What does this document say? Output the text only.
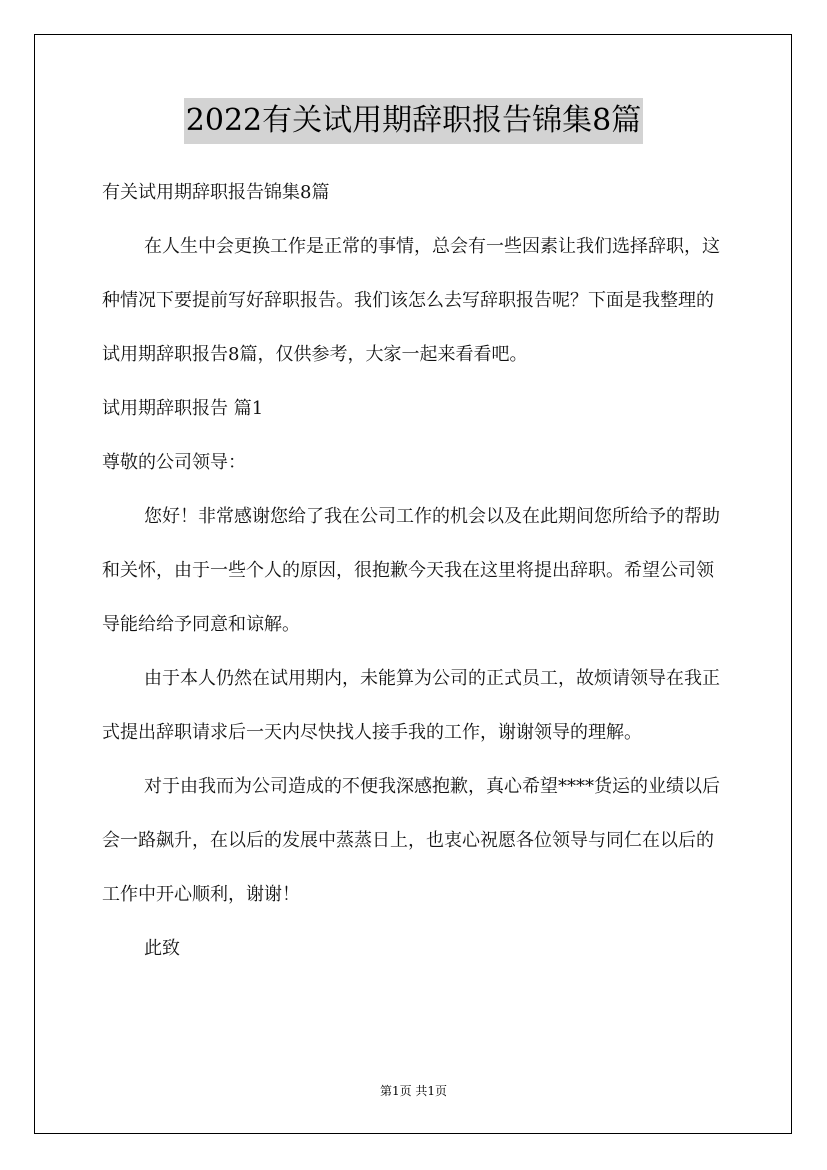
2022有关试用期辞职报告锦集8篇

有关试用期辞职报告锦集8篇

在人生中会更换工作是正常的事情，总会有一些因素让我们选择辞职，这种情况下要提前写好辞职报告。我们该怎么去写辞职报告呢？下面是我整理的试用期辞职报告8篇，仅供参考，大家一起来看看吧。

试用期辞职报告 篇1

尊敬的公司领导：

您好！非常感谢您给了我在公司工作的机会以及在此期间您所给予的帮助和关怀，由于一些个人的原因，很抱歉今天我在这里将提出辞职。希望公司领导能给给予同意和谅解。

由于本人仍然在试用期内，未能算为公司的正式员工，故烦请领导在我正式提出辞职请求后一天内尽快找人接手我的工作，谢谢领导的理解。

对于由我而为公司造成的不便我深感抱歉，真心希望****货运的业绩以后会一路飙升，在以后的发展中蒸蒸日上，也衷心祝愿各位领导与同仁在以后的工作中开心顺利，谢谢！

此致

第1页 共1页
